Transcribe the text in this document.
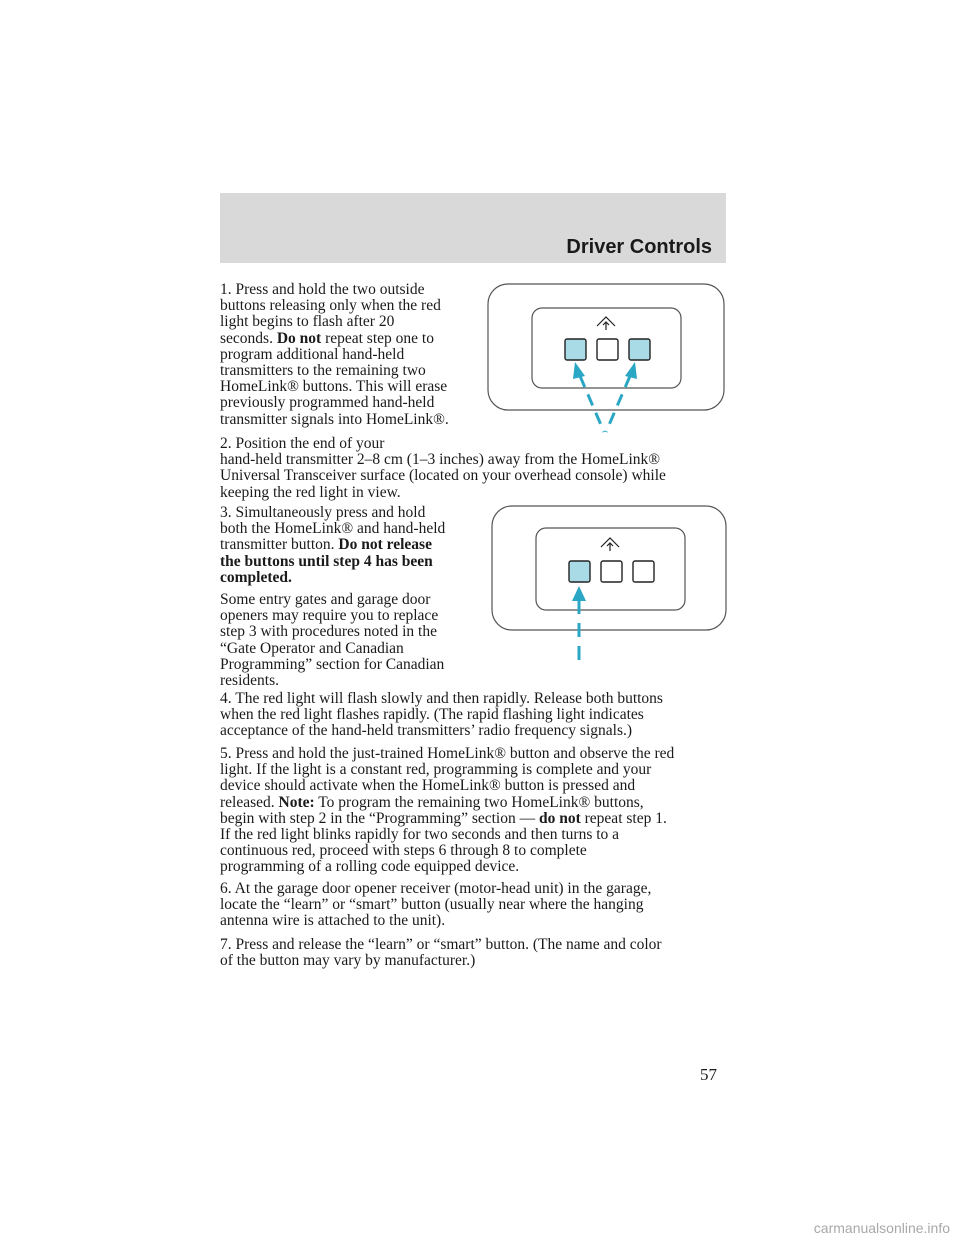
Driver Controls

1. Press and hold the two outside
buttons releasing only when the red
light begins to flash after 20
seconds. Do not repeat step one to
program additional hand-held
transmitters to the remaining two
HomeLink® buttons. This will erase
previously programmed hand-held
transmitter signals into HomeLink®.

2. Position the end of your
hand-held transmitter 2–8 cm (1–3 inches) away from the HomeLink®
Universal Transceiver surface (located on your overhead console) while
keeping the red light in view.

3. Simultaneously press and hold
both the HomeLink® and hand-held
transmitter button. Do not release
the buttons until step 4 has been
completed.

Some entry gates and garage door
openers may require you to replace
step 3 with procedures noted in the
“Gate Operator and Canadian
Programming” section for Canadian
residents.

4. The red light will flash slowly and then rapidly. Release both buttons
when the red light flashes rapidly. (The rapid flashing light indicates
acceptance of the hand-held transmitters’ radio frequency signals.)

5. Press and hold the just-trained HomeLink® button and observe the red
light. If the light is a constant red, programming is complete and your
device should activate when the HomeLink® button is pressed and
released. Note: To program the remaining two HomeLink® buttons,
begin with step 2 in the “Programming” section — do not repeat step 1.
If the red light blinks rapidly for two seconds and then turns to a
continuous red, proceed with steps 6 through 8 to complete
programming of a rolling code equipped device.

6. At the garage door opener receiver (motor-head unit) in the garage,
locate the “learn” or “smart” button (usually near where the hanging
antenna wire is attached to the unit).

7. Press and release the “learn” or “smart” button. (The name and color
of the button may vary by manufacturer.)

57
carmanualsonline.info
